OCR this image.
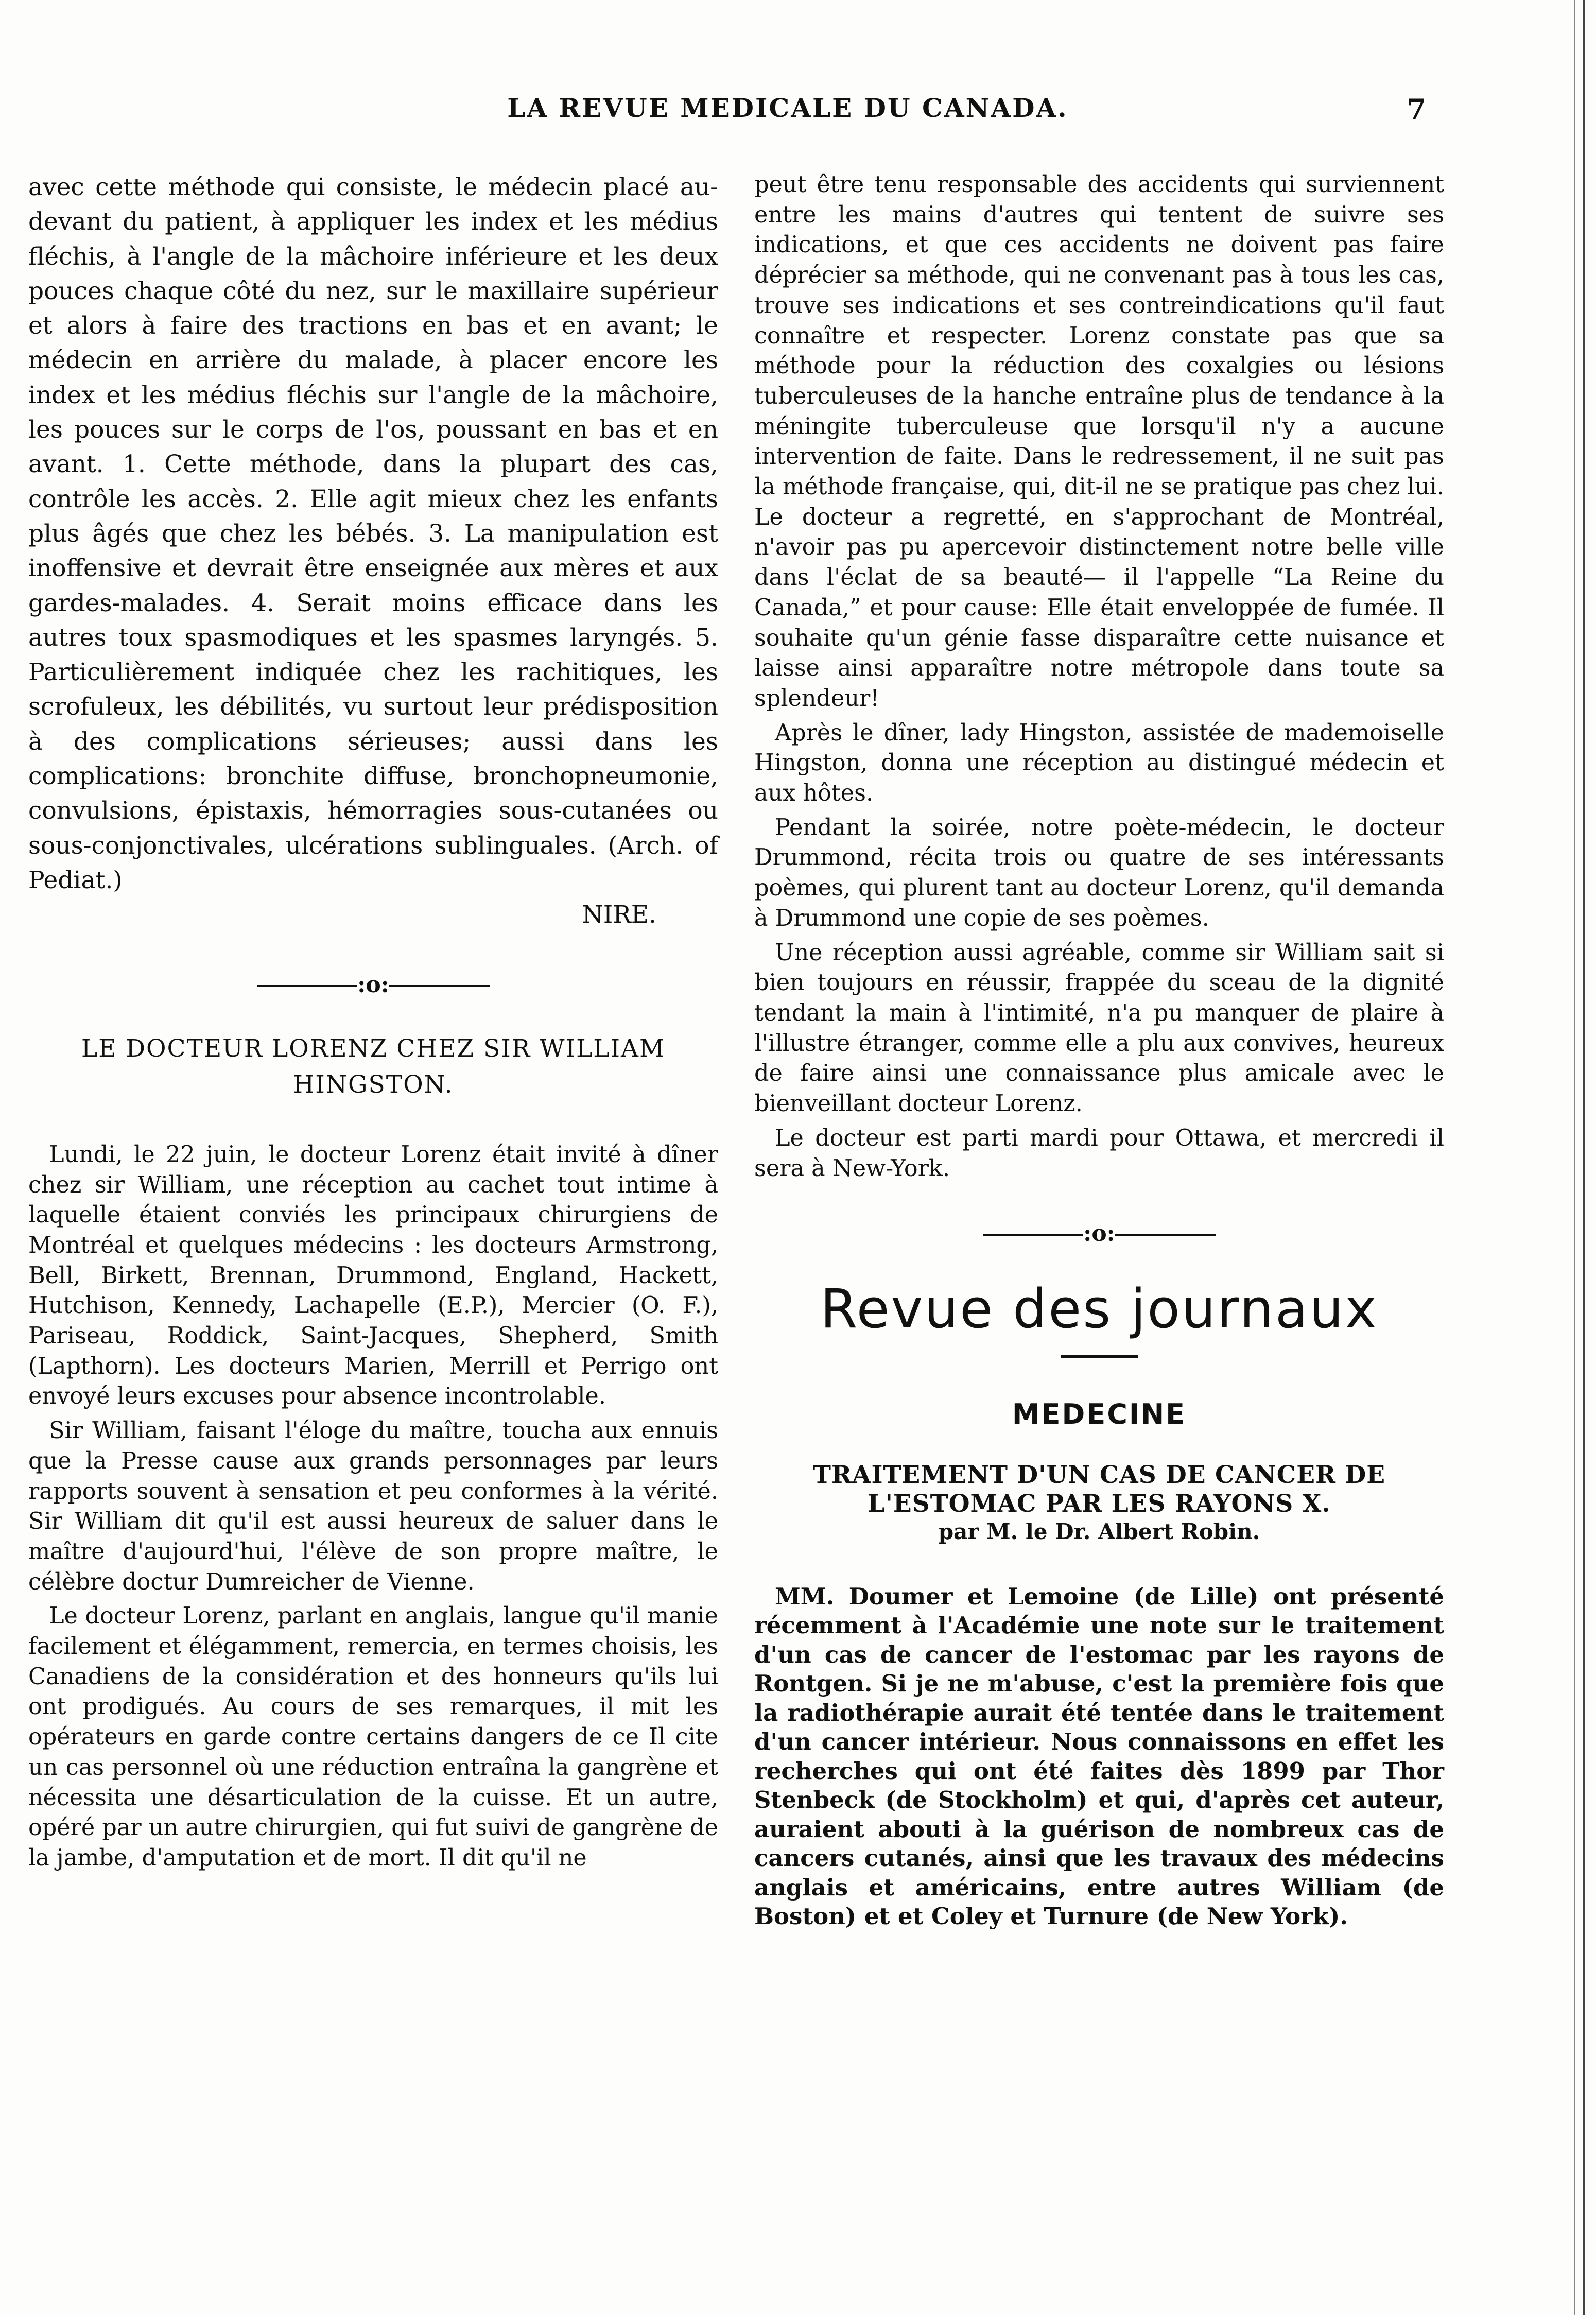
LA REVUE MEDICALE DU CANADA.	7

avec cette méthode qui consiste, le médecin placé au-devant du patient, à appliquer les index et les médius fléchis, à l'angle de la mâchoire inférieure et les deux pouces chaque côté du nez, sur le maxillaire supérieur et alors à faire des tractions en bas et en avant; le médecin en arrière du malade, à placer encore les index et les médius fléchis sur l'angle de la mâchoire, les pouces sur le corps de l'os, poussant en bas et en avant. 1. Cette méthode, dans la plupart des cas, contrôle les accès. 2. Elle agit mieux chez les enfants plus âgés que chez les bébés. 3. La manipulation est inoffensive et devrait être enseignée aux mères et aux gardes-malades. 4. Serait moins efficace dans les autres toux spasmodiques et les spasmes laryngés. 5. Particulièrement indiquée chez les rachitiques, les scrofuleux, les débilités, vu surtout leur prédisposition à des complications sérieuses; aussi dans les complications: bronchite diffuse, bronchopneumonie, convulsions, épistaxis, hémorragies sous-cutanées ou sous-conjonctivales, ulcérations sublinguales. (Arch. of Pediat.)

NIRE.

:o:
LE DOCTEUR LORENZ CHEZ SIR WILLIAM HINGSTON.

Lundi, le 22 juin, le docteur Lorenz était invité à dîner chez sir William, une réception au cachet tout intime à laquelle étaient conviés les principaux chirurgiens de Montréal et quelques médecins : les docteurs Armstrong, Bell, Birkett, Brennan, Drummond, England, Hackett, Hutchison, Kennedy, Lachapelle (E.P.), Mercier (O. F.), Pariseau, Roddick, Saint-Jacques, Shepherd, Smith (Lapthorn). Les docteurs Marien, Merrill et Perrigo ont envoyé leurs excuses pour absence incontrolable.

Sir William, faisant l'éloge du maître, toucha aux ennuis que la Presse cause aux grands personnages par leurs rapports souvent à sensation et peu conformes à la vérité. Sir William dit qu'il est aussi heureux de saluer dans le maître d'aujourd'hui, l'élève de son propre maître, le célèbre doctur Dumreicher de Vienne.

Le docteur Lorenz, parlant en anglais, langue qu'il manie facilement et élégamment, remercia, en termes choisis, les Canadiens de la considération et des honneurs qu'ils lui ont prodigués. Au cours de ses remarques, il mit les opérateurs en garde contre certains dangers de ce Il cite un cas personnel où une réduction entraîna la gangrène et nécessita une désarticulation de la cuisse. Et un autre, opéré par un autre chirurgien, qui fut suivi de gangrène de la jambe, d'amputation et de mort. Il dit qu'il ne

peut être tenu responsable des accidents qui surviennent entre les mains d'autres qui tentent de suivre ses indications, et que ces accidents ne doivent pas faire déprécier sa méthode, qui ne convenant pas à tous les cas, trouve ses indications et ses contreindications qu'il faut connaître et respecter. Lorenz constate pas que sa méthode pour la réduction des coxalgies ou lésions tuberculeuses de la hanche entraîne plus de tendance à la méningite tuberculeuse que lorsqu'il n'y a aucune intervention de faite. Dans le redressement, il ne suit pas la méthode française, qui, dit-il ne se pratique pas chez lui. Le docteur a regretté, en s'approchant de Montréal, n'avoir pas pu apercevoir distinctement notre belle ville dans l'éclat de sa beauté— il l'appelle “La Reine du Canada,” et pour cause: Elle était enveloppée de fumée. Il souhaite qu'un génie fasse disparaître cette nuisance et laisse ainsi apparaître notre métropole dans toute sa splendeur!

Après le dîner, lady Hingston, assistée de mademoiselle Hingston, donna une réception au distingué médecin et aux hôtes.

Pendant la soirée, notre poète-médecin, le docteur Drummond, récita trois ou quatre de ses intéressants poèmes, qui plurent tant au docteur Lorenz, qu'il demanda à Drummond une copie de ses poèmes.

Une réception aussi agréable, comme sir William sait si bien toujours en réussir, frappée du sceau de la dignité tendant la main à l'intimité, n'a pu manquer de plaire à l'illustre étranger, comme elle a plu aux convives, heureux de faire ainsi une connaissance plus amicale avec le bienveillant docteur Lorenz.

Le docteur est parti mardi pour Ottawa, et mercredi il sera à New-York.

:o:
Revue des journaux
MEDECINE
TRAITEMENT D'UN CAS DE CANCER DE L'ESTOMAC PAR LES RAYONS X.
par M. le Dr. Albert Robin.

MM. Doumer et Lemoine (de Lille) ont présenté récemment à l'Académie une note sur le traitement d'un cas de cancer de l'estomac par les rayons de Rontgen. Si je ne m'abuse, c'est la première fois que la radiothérapie aurait été tentée dans le traitement d'un cancer intérieur. Nous connaissons en effet les recherches qui ont été faites dès 1899 par Thor Stenbeck (de Stockholm) et qui, d'après cet auteur, auraient abouti à la guérison de nombreux cas de cancers cutanés, ainsi que les travaux des médecins anglais et américains, entre autres William (de Boston) et et Coley et Turnure (de New York).
